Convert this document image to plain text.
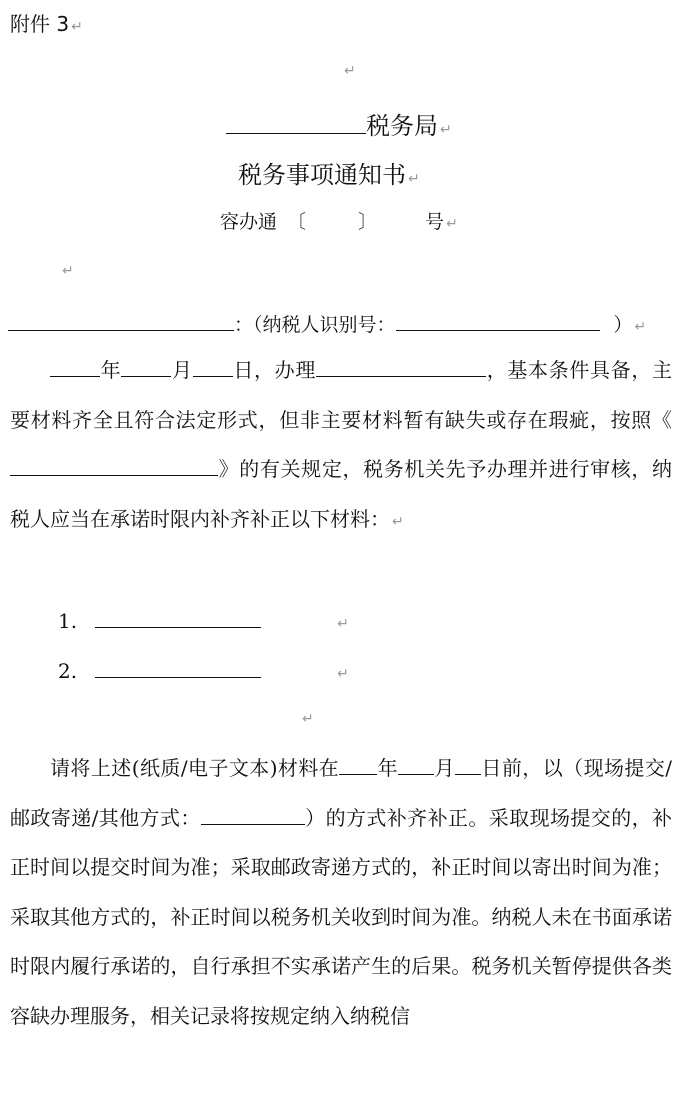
附件 3 ↵
↵
税务局 ↵
税务事项通知书 ↵
容办通 〔	〕	号 ↵
↵
：（纳税人识别号：	） ↵

年	月 日，办理	，基本条件具备，主要材料齐全且符合法定形式，但非主要材料暂有缺失或存在瑕疵，按照《》的有关规定，税务机关先予办理并进行审核，纳税人应当在承诺时限内补齐补正以下材料： ↵

1.	↵
2.	↵
↵

请将上述(纸质/电子文本)材料在 年 月 日前，以（现场提交/邮政寄递/其他方式：	）的方式补齐补正。采取现场提交的，补正时间以提交时间为准；采取邮政寄递方式的，补正时间以寄出时间为准；采取其他方式的，补正时间以税务机关收到时间为准。纳税人未在书面承诺时限内履行承诺的，自行承担不实承诺产生的后果。税务机关暂停提供各类容缺办理服务，相关记录将按规定纳入纳税信
